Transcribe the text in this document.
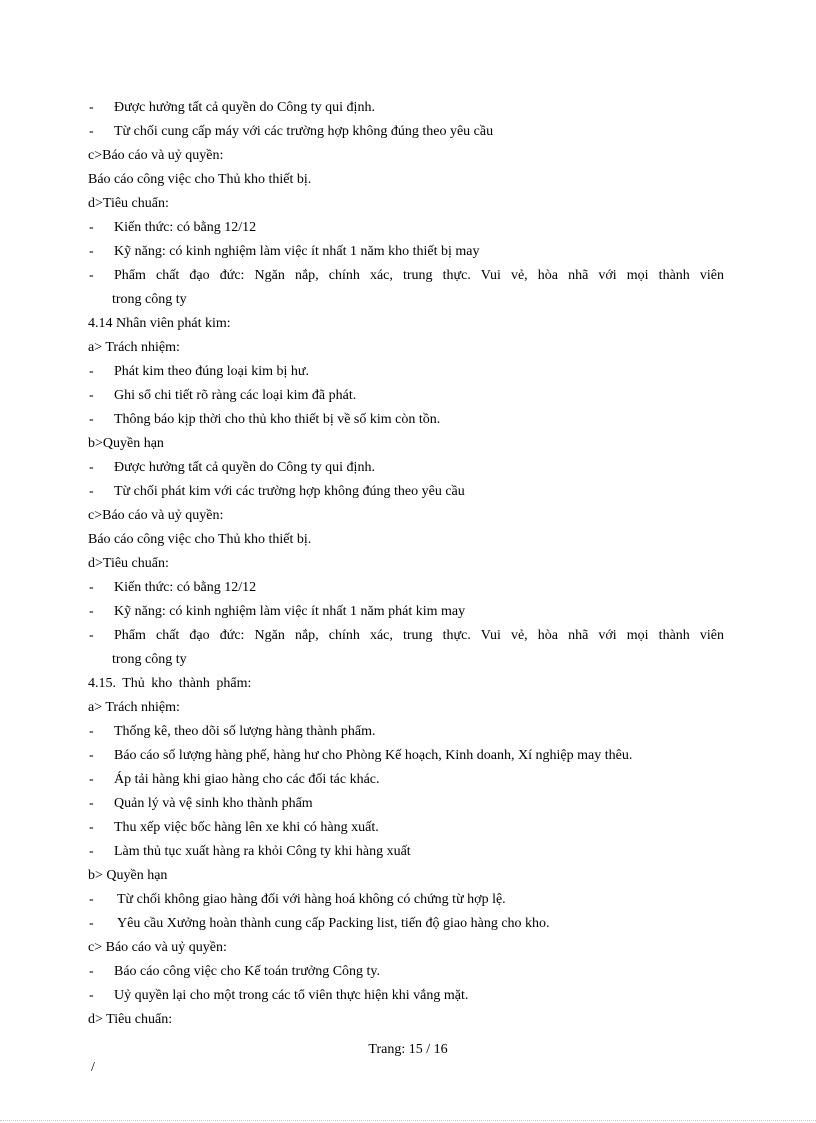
- Được hưởng tất cả quyền do Công ty qui định.
- Từ chối cung cấp máy với các trường hợp không đúng theo yêu cầu
c>Báo cáo và uỷ quyền:
Báo cáo công việc cho Thủ kho thiết bị.
d>Tiêu chuẩn:
- Kiến thức: có bằng 12/12
- Kỹ năng: có kinh nghiệm làm việc ít nhất 1 năm kho thiết bị may
- Phẩm chất đạo đức: Ngăn nắp, chính xác, trung thực. Vui vẻ, hòa nhã với mọi thành viên
trong công ty
4.14 Nhân viên phát kim:
a> Trách nhiệm:
- Phát kim theo đúng loại kim bị hư.
- Ghi sổ chi tiết rõ ràng các loại kim đã phát.
- Thông báo kịp thời cho thủ kho thiết bị về số kim còn tồn.
b>Quyền hạn
- Được hưởng tất cả quyền do Công ty qui định.
- Từ chối phát kim với các trường hợp không đúng theo yêu cầu
c>Báo cáo và uỷ quyền:
Báo cáo công việc cho Thủ kho thiết bị.
d>Tiêu chuẩn:
- Kiến thức: có bằng 12/12
- Kỹ năng: có kinh nghiệm làm việc ít nhất 1 năm phát kim may
- Phẩm chất đạo đức: Ngăn nắp, chính xác, trung thực. Vui vẻ, hòa nhã với mọi thành viên
trong công ty
4.15. Thủ kho thành phẩm:
a> Trách nhiệm:
- Thống kê, theo dõi số lượng hàng thành phẩm.
- Báo cáo số lượng hàng phế, hàng hư cho Phòng Kế hoạch, Kinh doanh, Xí nghiệp may thêu.
- Áp tải hàng khi giao hàng cho các đối tác khác.
- Quản lý và vệ sinh kho thành phẩm
- Thu xếp việc bốc hàng lên xe khi có hàng xuất.
- Làm thủ tục xuất hàng ra khỏi Công ty khi hàng xuất
b> Quyền hạn
- Từ chối không giao hàng đối với hàng hoá không có chứng từ hợp lệ.
- Yêu cầu Xưởng hoàn thành cung cấp Packing list, tiến độ giao hàng cho kho.
c> Báo cáo và uỷ quyền:
- Báo cáo công việc cho Kế toán trưởng Công ty.
- Uỷ quyền lại cho một trong các tổ viên thực hiện khi vắng mặt.
d> Tiêu chuẩn:
Trang: 15 / 16
/
